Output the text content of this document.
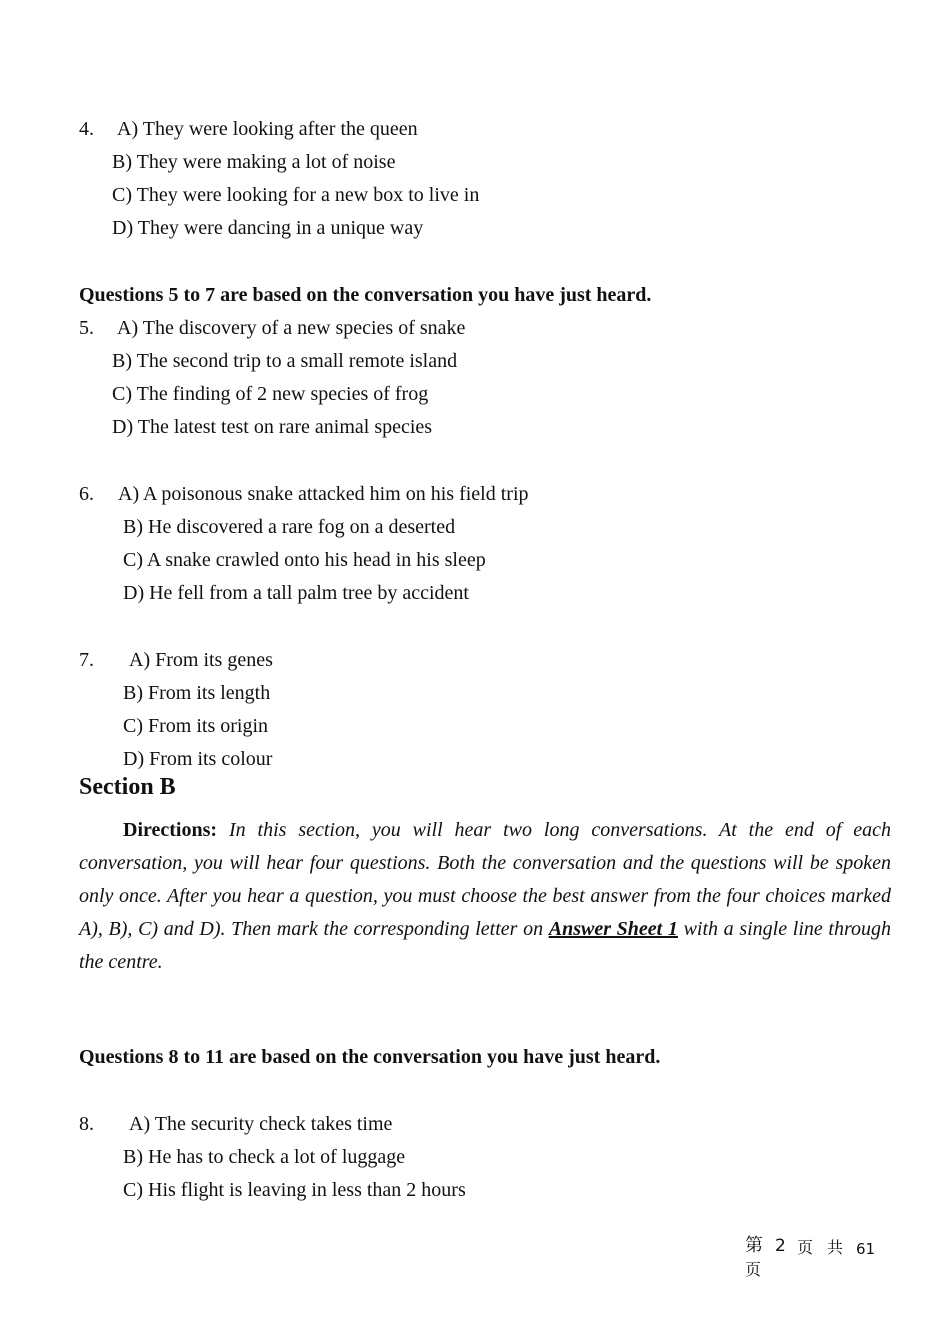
4. A) They were looking after the queen
B) They were making a lot of noise
C) They were looking for a new box to live in
D) They were dancing in a unique way
Questions 5 to 7 are based on the conversation you have just heard.
5. A) The discovery of a new species of snake
B) The second trip to a small remote island
C) The finding of 2 new species of frog
D) The latest test on rare animal species
6. A) A poisonous snake attacked him on his field trip
B) He discovered a rare fog on a deserted
C) A snake crawled onto his head in his sleep
D) He fell from a tall palm tree by accident
7. A) From its genes
B) From its length
C) From its origin
D) From its colour
Section B
Directions: In this section, you will hear two long conversations. At the end of each conversation, you will hear four questions. Both the conversation and the questions will be spoken only once. After you hear a question, you must choose the best answer from the four choices marked A), B), C) and D). Then mark the corresponding letter on Answer Sheet 1 with a single line through the centre.
Questions 8 to 11 are based on the conversation you have just heard.
8. A) The security check takes time
B) He has to check a lot of luggage
C) His flight is leaving in less than 2 hours
第 2 页 共 61
页
